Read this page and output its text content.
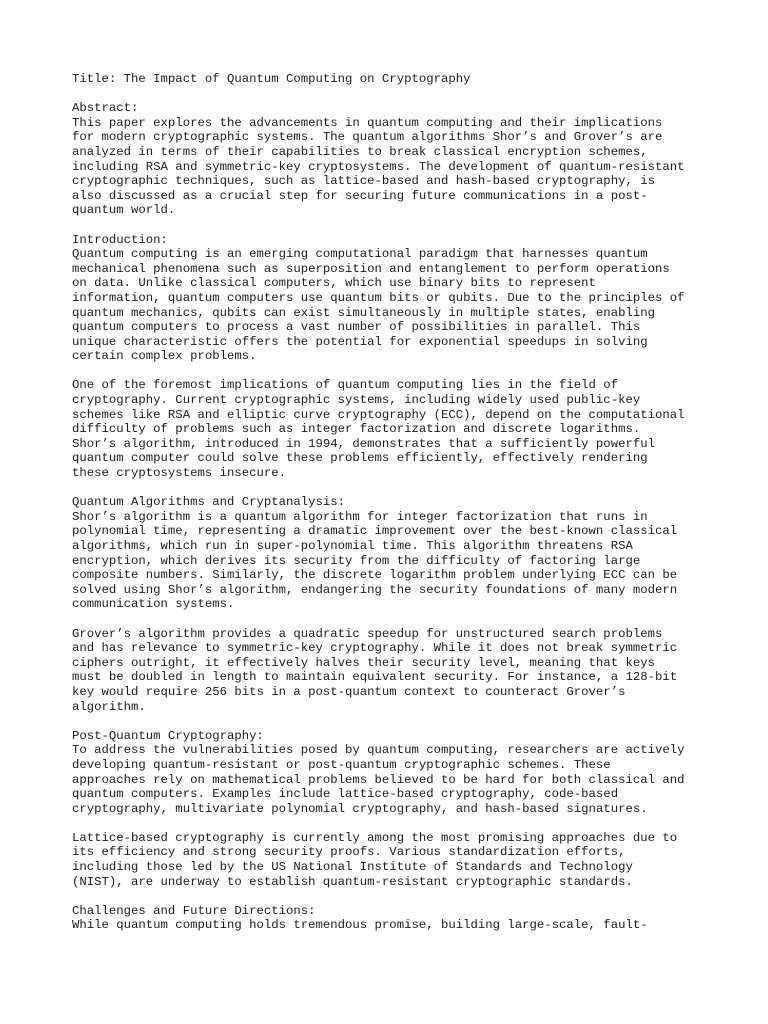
Title: The Impact of Quantum Computing on Cryptography
Abstract:
This paper explores the advancements in quantum computing and their implications
for modern cryptographic systems. The quantum algorithms Shor’s and Grover’s are
analyzed in terms of their capabilities to break classical encryption schemes,
including RSA and symmetric-key cryptosystems. The development of quantum-resistant
cryptographic techniques, such as lattice-based and hash-based cryptography, is
also discussed as a crucial step for securing future communications in a post-
quantum world.
Introduction:
Quantum computing is an emerging computational paradigm that harnesses quantum
mechanical phenomena such as superposition and entanglement to perform operations
on data. Unlike classical computers, which use binary bits to represent
information, quantum computers use quantum bits or qubits. Due to the principles of
quantum mechanics, qubits can exist simultaneously in multiple states, enabling
quantum computers to process a vast number of possibilities in parallel. This
unique characteristic offers the potential for exponential speedups in solving
certain complex problems.
One of the foremost implications of quantum computing lies in the field of
cryptography. Current cryptographic systems, including widely used public-key
schemes like RSA and elliptic curve cryptography (ECC), depend on the computational
difficulty of problems such as integer factorization and discrete logarithms.
Shor’s algorithm, introduced in 1994, demonstrates that a sufficiently powerful
quantum computer could solve these problems efficiently, effectively rendering
these cryptosystems insecure.
Quantum Algorithms and Cryptanalysis:
Shor’s algorithm is a quantum algorithm for integer factorization that runs in
polynomial time, representing a dramatic improvement over the best-known classical
algorithms, which run in super-polynomial time. This algorithm threatens RSA
encryption, which derives its security from the difficulty of factoring large
composite numbers. Similarly, the discrete logarithm problem underlying ECC can be
solved using Shor’s algorithm, endangering the security foundations of many modern
communication systems.
Grover’s algorithm provides a quadratic speedup for unstructured search problems
and has relevance to symmetric-key cryptography. While it does not break symmetric
ciphers outright, it effectively halves their security level, meaning that keys
must be doubled in length to maintain equivalent security. For instance, a 128-bit
key would require 256 bits in a post-quantum context to counteract Grover’s
algorithm.
Post-Quantum Cryptography:
To address the vulnerabilities posed by quantum computing, researchers are actively
developing quantum-resistant or post-quantum cryptographic schemes. These
approaches rely on mathematical problems believed to be hard for both classical and
quantum computers. Examples include lattice-based cryptography, code-based
cryptography, multivariate polynomial cryptography, and hash-based signatures.
Lattice-based cryptography is currently among the most promising approaches due to
its efficiency and strong security proofs. Various standardization efforts,
including those led by the US National Institute of Standards and Technology
(NIST), are underway to establish quantum-resistant cryptographic standards.
Challenges and Future Directions:
While quantum computing holds tremendous promise, building large-scale, fault-
